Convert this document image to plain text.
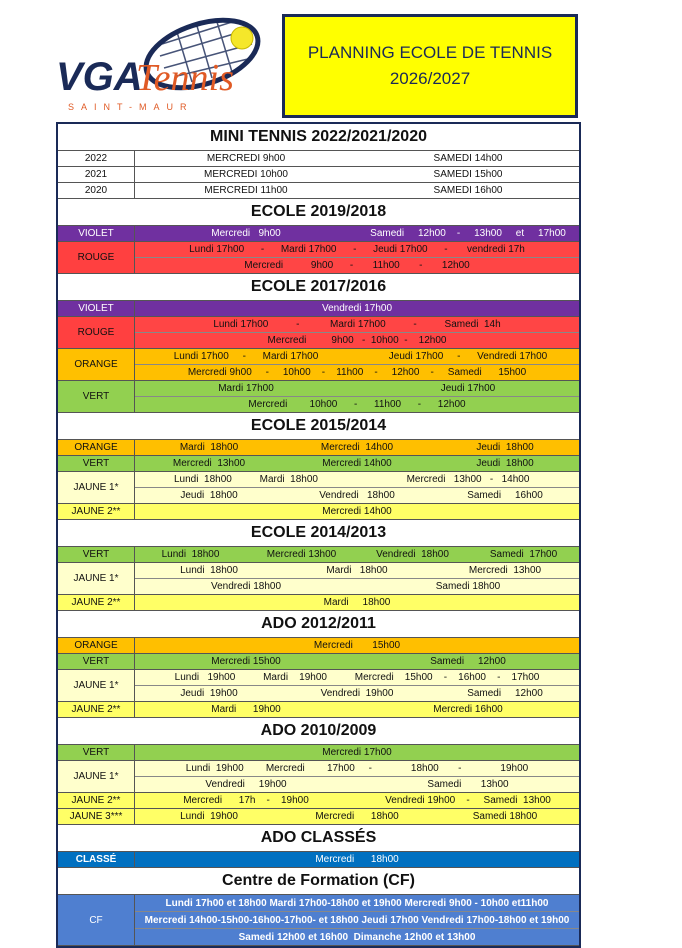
VGA
Tennis
SAINT-MAUR
PLANNING ECOLE DE TENNIS
2026/2027
MINI TENNIS 2022/2021/2020
2022	MERCREDI 9h00	SAMEDI 14h00
2021	MERCREDI 10h00	SAMEDI 15h00
2020	MERCREDI 11h00	SAMEDI 16h00
ECOLE 2019/2018
VIOLET	Mercredi   9h00	Samedi     12h00    -     13h00     et     17h00
ROUGE
Lundi 17h00      -      Mardi 17h00      -      Jeudi 17h00      -       vendredi 17h
Mercredi          9h00      -       11h00       -       12h00
ECOLE 2017/2016
VIOLET	Vendredi 17h00
ROUGE
Lundi 17h00          -           Mardi 17h00          -          Samedi  14h
Mercredi         9h00   -  10h00  -    12h00
ORANGE
Lundi 17h00     -      Mardi 17h00	Jeudi 17h00     -      Vendredi 17h00
Mercredi 9h00     -     10h00    -    11h00    -     12h00    -     Samedi      15h00
VERT
Mardi 17h00	Jeudi 17h00
Mercredi        10h00      -      11h00      -      12h00
ECOLE 2015/2014
ORANGE	Mardi  18h00	Mercredi  14h00	Jeudi  18h00
VERT	Mercredi  13h00	Mercredi 14h00	Jeudi  18h00
JAUNE 1*
Lundi  18h00          Mardi  18h00	Mercredi   13h00   -   14h00
Jeudi  18h00	Vendredi   18h00	Samedi     16h00
JAUNE 2**	Mercredi 14h00
ECOLE 2014/2013
VERT	Lundi  18h00	Mercredi 13h00	Vendredi  18h00	Samedi  17h00
JAUNE 1*
Lundi  18h00	Mardi   18h00	Mercredi  13h00
Vendredi 18h00	Samedi 18h00
JAUNE 2**	Mardi     18h00
ADO 2012/2011
ORANGE	Mercredi       15h00
VERT	Mercredi 15h00	Samedi     12h00
JAUNE 1*
Lundi   19h00          Mardi    19h00          Mercredi    15h00    -    16h00    -    17h00
Jeudi  19h00	Vendredi  19h00	Samedi     12h00
JAUNE 2**	Mardi      19h00	Mercredi 16h00
ADO 2010/2009
VERT	Mercredi 17h00
JAUNE 1*
Lundi  19h00        Mercredi        17h00     -              18h00       -              19h00
Vendredi     19h00	Samedi       13h00
JAUNE 2**	Mercredi      17h    -    19h00	Vendredi 19h00    -     Samedi  13h00
JAUNE 3***	Lundi  19h00	Mercredi      18h00	Samedi 18h00
ADO CLASSÉS
CLASSÉ	Mercredi      18h00
Centre de Formation (CF)
CF
Lundi 17h00 et 18h00 Mardi 17h00-18h00 et 19h00 Mercredi 9h00 - 10h00 et11h00
Mercredi 14h00-15h00-16h00-17h00- et 18h00 Jeudi 17h00 Vendredi 17h00-18h00 et 19h00
Samedi 12h00 et 16h00  Dimanche 12h00 et 13h00
